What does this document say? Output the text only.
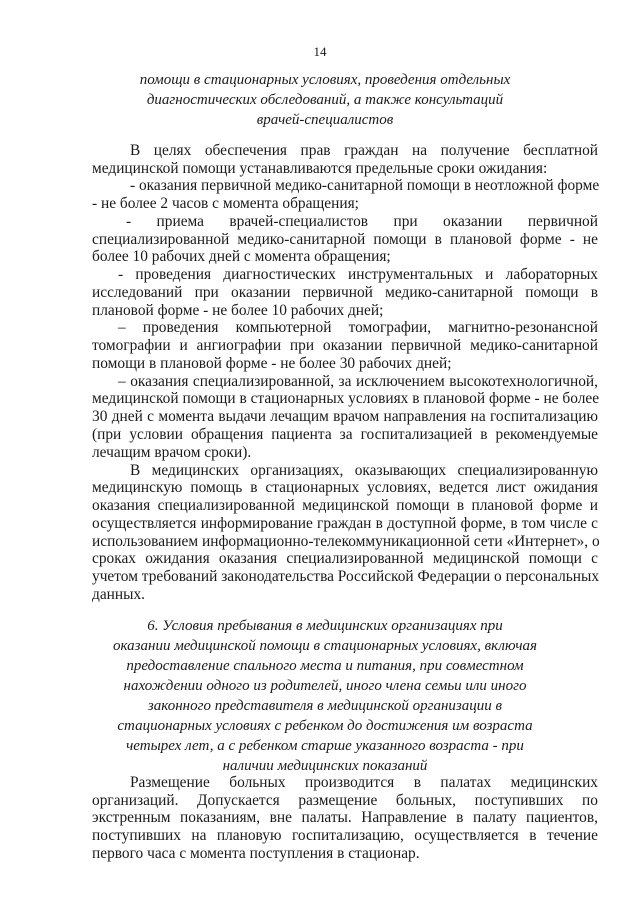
14
помощи в стационарных условиях, проведения отдельных
диагностических обследований, а также консультаций
врачей-специалистов
В целях обеспечения прав граждан на получение бесплатной
медицинской помощи устанавливаются предельные сроки ожидания:
- оказания первичной медико-санитарной помощи в неотложной форме
- не более 2 часов с момента обращения;
- приема врачей-специалистов при оказании первичной
специализированной медико-санитарной помощи в плановой форме - не
более 10 рабочих дней с момента обращения;
- проведения диагностических инструментальных и лабораторных
исследований при оказании первичной медико-санитарной помощи в
плановой форме - не более 10 рабочих дней;
– проведения компьютерной томографии, магнитно-резонансной
томографии и ангиографии при оказании первичной медико-санитарной
помощи в плановой форме - не более 30 рабочих дней;
– оказания специализированной, за исключением высокотехнологичной,
медицинской помощи в стационарных условиях в плановой форме - не более
30 дней с момента выдачи лечащим врачом направления на госпитализацию
(при условии обращения пациента за госпитализацией в рекомендуемые
лечащим врачом сроки).
В медицинских организациях, оказывающих специализированную
медицинскую помощь в стационарных условиях, ведется лист ожидания
оказания специализированной медицинской помощи в плановой форме и
осуществляется информирование граждан в доступной форме, в том числе с
использованием информационно-телекоммуникационной сети «Интернет», о
сроках ожидания оказания специализированной медицинской помощи с
учетом требований законодательства Российской Федерации о персональных
данных.
6. Условия пребывания в медицинских организациях при
оказании медицинской помощи в стационарных условиях, включая
предоставление спального места и питания, при совместном
нахождении одного из родителей, иного члена семьи или иного
законного представителя в медицинской организации в
стационарных условиях с ребенком до достижения им возраста
четырех лет, а с ребенком старше указанного возраста - при
наличии медицинских показаний
Размещение больных производится в палатах медицинских
организаций. Допускается размещение больных, поступивших по
экстренным показаниям, вне палаты. Направление в палату пациентов,
поступивших на плановую госпитализацию, осуществляется в течение
первого часа с момента поступления в стационар.
